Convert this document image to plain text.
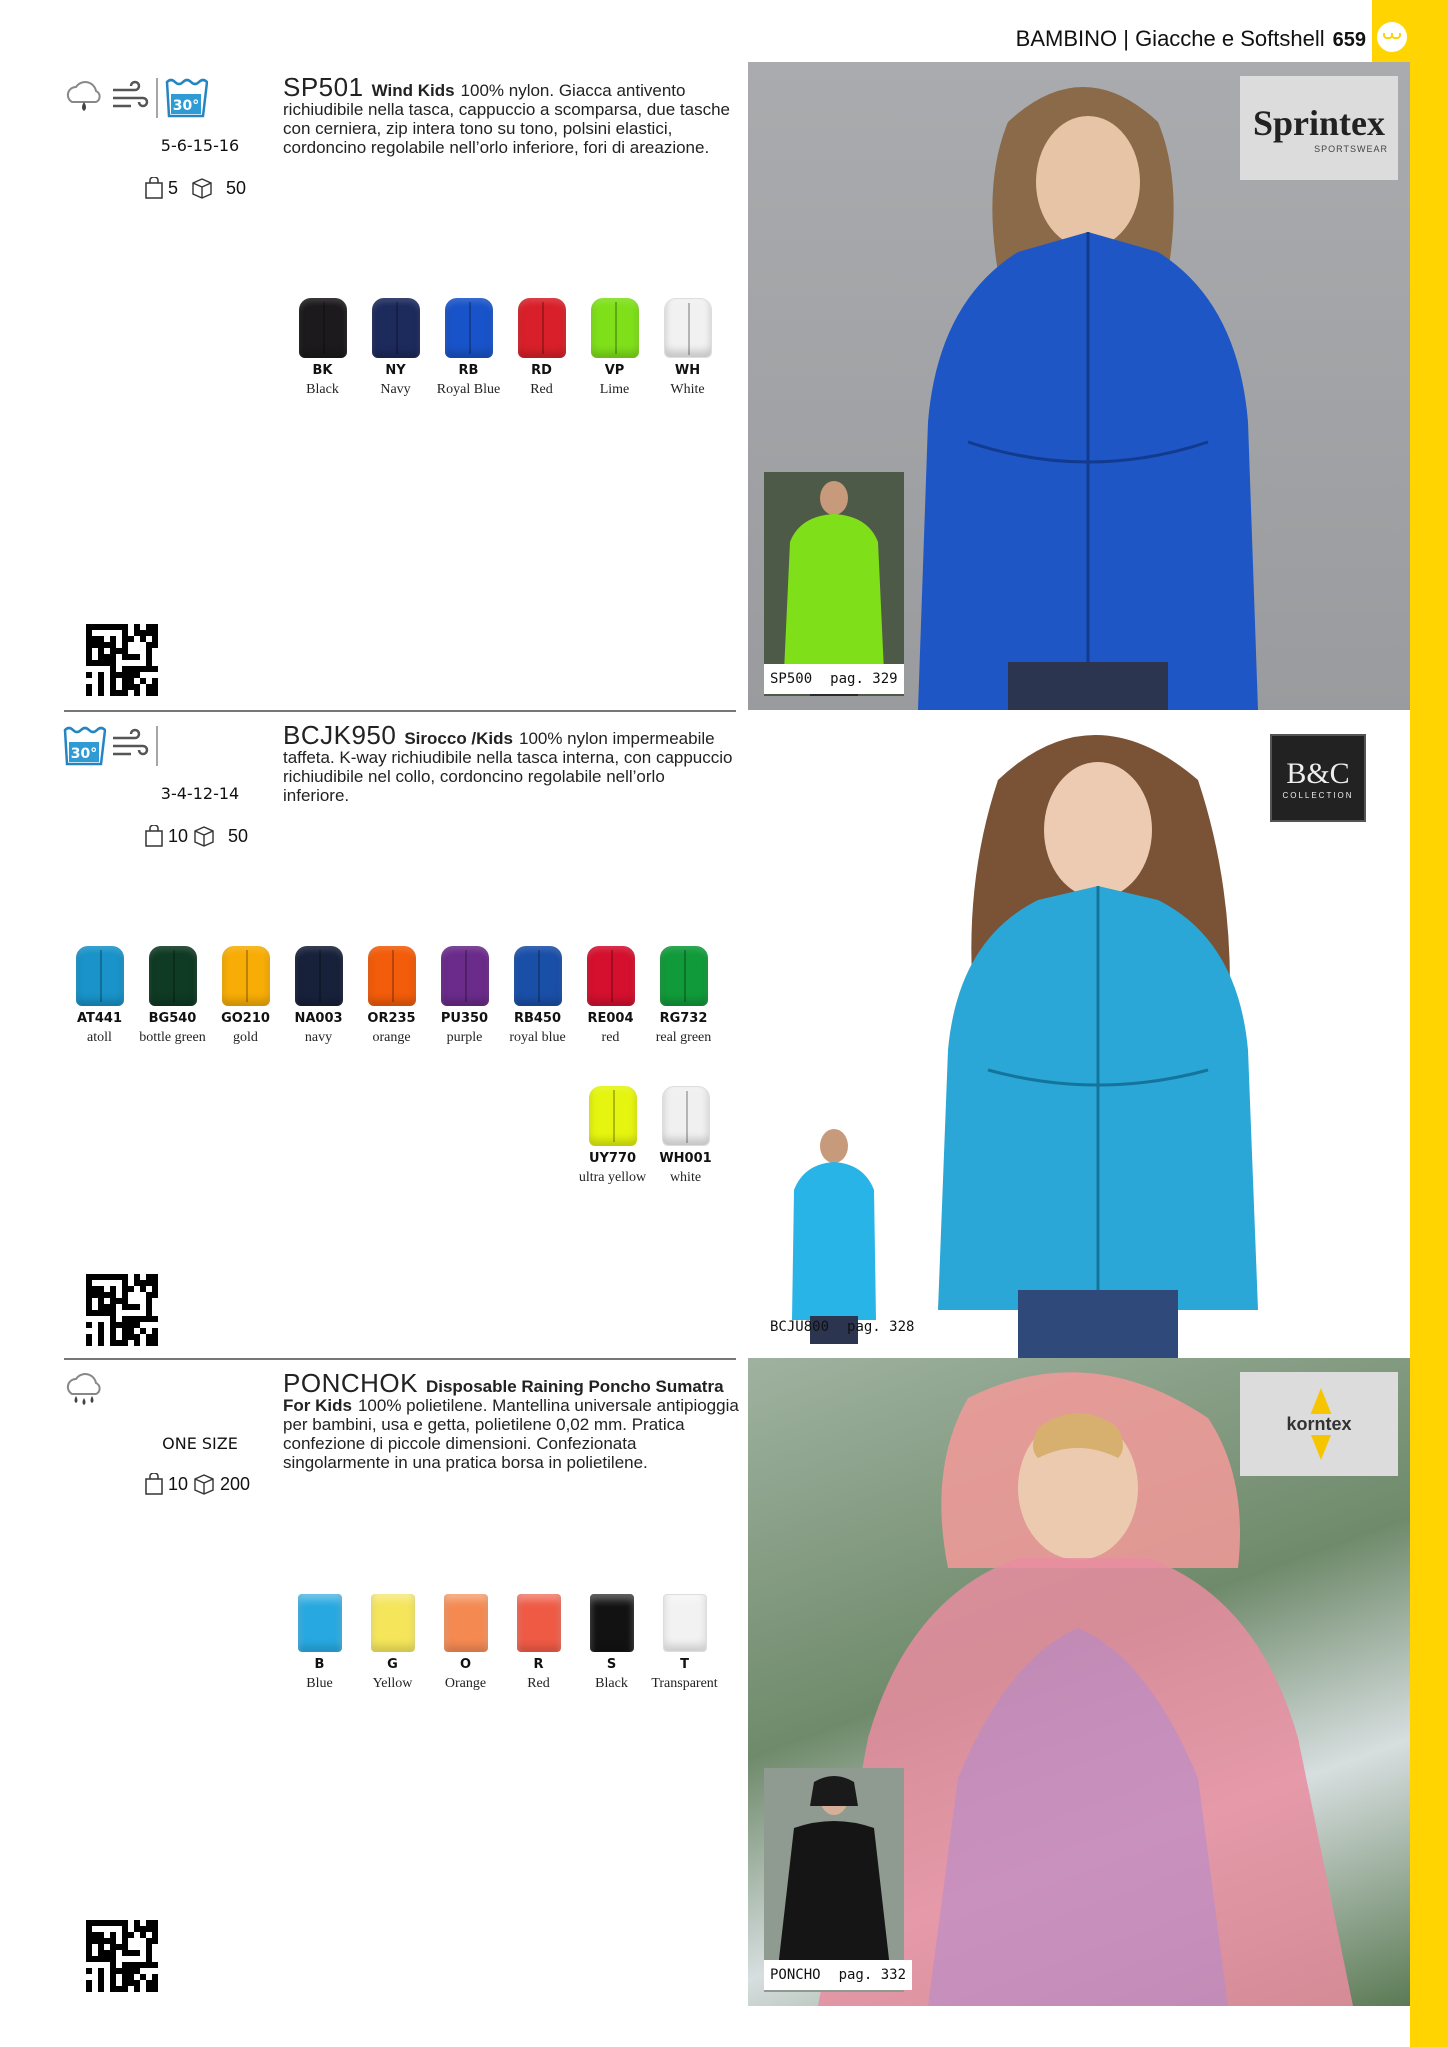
BAMBINO | Giacche e Softshell 659
30°
5-6-15-16
5	50
SP501 Wind Kids 100% nylon. Giacca antivento richiudibile nella tasca, cappuccio a scomparsa, due tasche con cerniera, zip intera tono su tono, polsini elastici, cordoncino regolabile nell’orlo inferiore, fori di areazione.
BK
Black
NY
Navy
RB
Royal Blue
RD
Red
VP
Lime
WH
White
Sprintex
SPORTSWEAR
SP500 pag. 329
30°
3-4-12-14
10 50
BCJK950 Sirocco /Kids 100% nylon impermeabile taffeta. K-way richiudibile nella tasca interna, con cappuccio richiudibile nel collo, cordoncino regolabile nell’orlo inferiore.
AT441
atoll
BG540
bottle green
GO210
gold
NA003
navy
OR235
orange
PU350
purple
RB450
royal blue
RE004
red
RG732
real green
UY770
ultra yellow
WH001
white
B&C
COLLECTION
BCJU800 pag. 328
ONE SIZE
10 200
PONCHOK Disposable Raining Poncho Sumatra For Kids 100% polietilene. Mantellina universale antipioggia per bambini, usa e getta, polietilene 0,02 mm. Pratica confezione di piccole dimensioni. Confezionata singolarmente in una pratica borsa in polietilene.
B
Blue
G
Yellow
O
Orange
R
Red
S
Black
T
Transparent
korntex
PONCHO pag. 332
